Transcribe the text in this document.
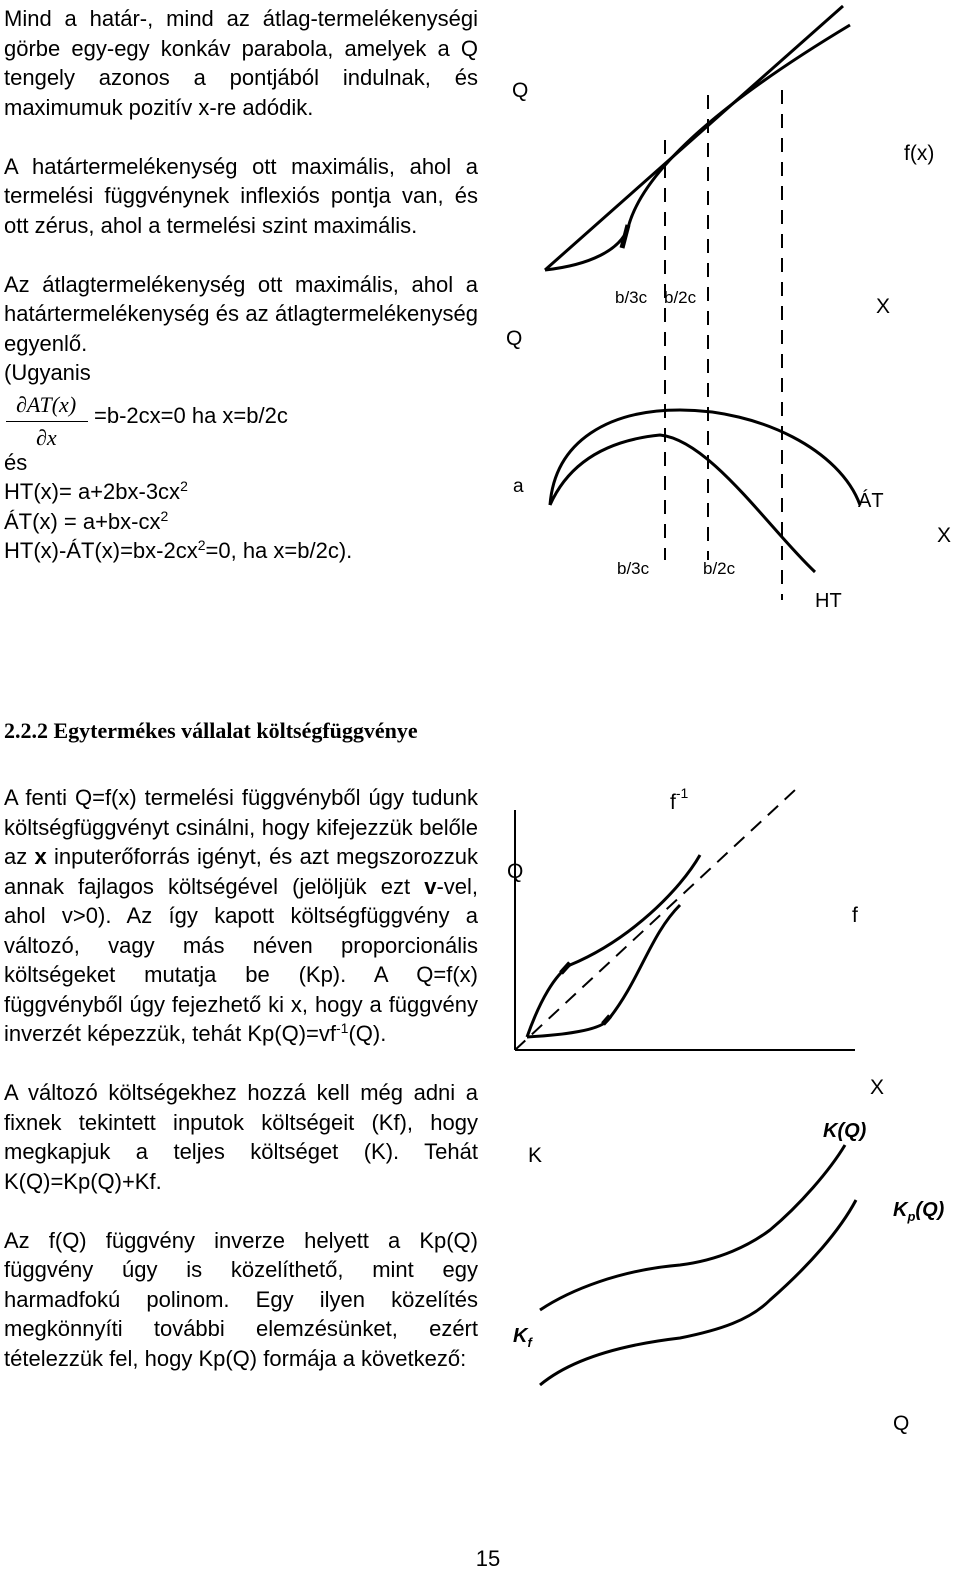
Mind a határ-, mind az átlag-termelékenységi görbe egy-egy konkáv parabola, amelyek a Q tengely azonos a pontjából indulnak, és maximumuk pozitív x-re adódik.

A határtermelékenység ott maximális, ahol a termelési függvénynek inflexiós pontja van, és ott zérus, ahol a termelési szint maximális.

Az átlagtermelékenység ott maximális, ahol a határtermelékenység és az átlagtermelékenység egyenlő.

(Ugyanis

∂AT(x)
∂x
=b-2cx=0 ha x=b/2c

és

$HT(x)= a+2bx-3cx^2$

ÁT(x) = $a+bx-cx^2$

$HT(x)-ÁT(x)=bx-2cx^2=0$, ha x=b/2c).

2.2.2 Egytermékes vállalat költségfüggvénye

A fenti Q=f(x) termelési függvényből úgy tudunk költségfüggvényt csinálni, hogy kifejezzük belőle az x inputerőforrás igényt, és azt megszorozzuk annak fajlagos költségével (jelöljük ezt v-vel, ahol v>0). Az így kapott költségfüggvény a változó, vagy más néven proporcionális költségeket mutatja be (Kp). A Q=f(x) függvényből úgy fejezhető ki x, hogy a függvény inverzét képezzük, tehát $Kp(Q)=vf^{-1}(Q)$.

A változó költségekhez hozzá kell még adni a fixnek tekintett inputok költségeit (Kf), hogy megkapjuk a teljes költséget (K). Tehát K(Q)=Kp(Q)+Kf.

Az f(Q) függvény inverze helyett a Kp(Q) függvény úgy is közelíthető, mint egy harmadfokú polinom. Egy ilyen közelítés megkönnyíti további elemzésünket, ezért tételezzük fel, hogy Kp(Q) formája a következő:

15
Q
f(x)
b/3c b/2c	X
Q
a
ÁT
X
b/3c	b/2c
HT
$f^{-1}$
Q
f
X
K(Q)
K
$K_p(Q)$
$K_f$
Q
